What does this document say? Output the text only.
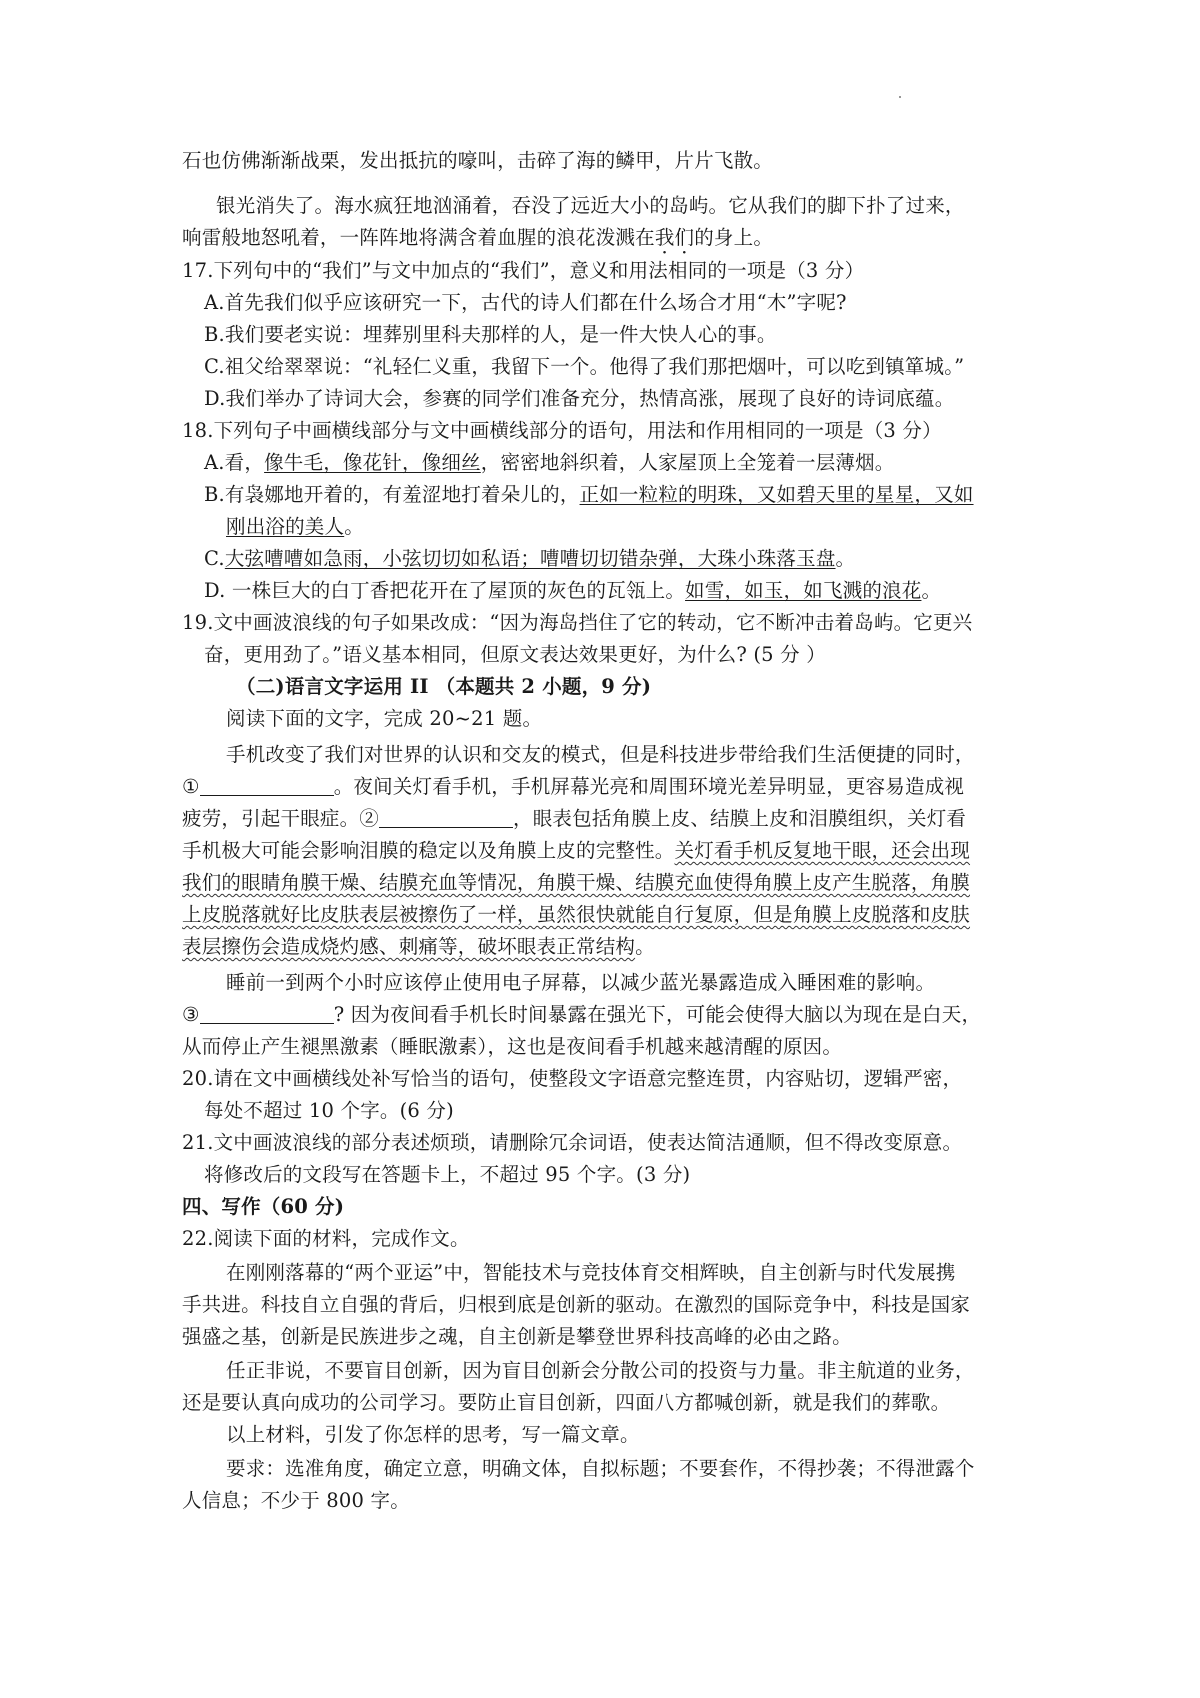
石也仿佛渐渐战栗，发出抵抗的嚎叫，击碎了海的鳞甲，片片飞散。
银光消失了。海水疯狂地汹涌着，吞没了远近大小的岛屿。它从我们的脚下扑了过来，
响雷般地怒吼着，一阵阵地将满含着血腥的浪花泼溅在我们的身上。
17.下列句中的“我们”与文中加点的“我们”，意义和用法相同的一项是（3 分）
A.首先我们似乎应该研究一下，古代的诗人们都在什么场合才用“木”字呢?
B.我们要老实说：埋葬别里科夫那样的人，是一件大快人心的事。
C.祖父给翠翠说：“礼轻仁义重，我留下一个。他得了我们那把烟叶，可以吃到镇箪城。”
D.我们举办了诗词大会，参赛的同学们准备充分，热情高涨，展现了良好的诗词底蕴。
18.下列句子中画横线部分与文中画横线部分的语句，用法和作用相同的一项是（3 分）
A.看，像牛毛，像花针，像细丝，密密地斜织着，人家屋顶上全笼着一层薄烟。
B.有袅娜地开着的，有羞涩地打着朵儿的，正如一粒粒的明珠，又如碧天里的星星，又如
刚出浴的美人。
C.大弦嘈嘈如急雨，小弦切切如私语；嘈嘈切切错杂弹，大珠小珠落玉盘。
D. 一株巨大的白丁香把花开在了屋顶的灰色的瓦瓴上。如雪，如玉，如飞溅的浪花。
19.文中画波浪线的句子如果改成：“因为海岛挡住了它的转动，它不断冲击着岛屿。它更兴
奋，更用劲了。”语义基本相同，但原文表达效果更好，为什么? (5 分 ）
（二)语言文字运用 II （本题共 2 小题，9 分)
阅读下面的文字，完成 20~21 题。
手机改变了我们对世界的认识和交友的模式，但是科技进步带给我们生活便捷的同时，
①	。夜间关灯看手机，手机屏幕光亮和周围环境光差异明显，更容易造成视
疲劳，引起干眼症。②	，眼表包括角膜上皮、结膜上皮和泪膜组织，关灯看
手机极大可能会影响泪膜的稳定以及角膜上皮的完整性。关灯看手机反复地干眼，还会出现
我们的眼睛角膜干燥、结膜充血等情况，角膜干燥、结膜充血使得角膜上皮产生脱落，角膜
上皮脱落就好比皮肤表层被擦伤了一样，虽然很快就能自行复原，但是角膜上皮脱落和皮肤
表层擦伤会造成烧灼感、刺痛等，破坏眼表正常结构。
睡前一到两个小时应该停止使用电子屏幕，以减少蓝光暴露造成入睡困难的影响。
③	? 因为夜间看手机长时间暴露在强光下，可能会使得大脑以为现在是白天，
从而停止产生褪黑激素（睡眠激素），这也是夜间看手机越来越清醒的原因。
20.请在文中画横线处补写恰当的语句，使整段文字语意完整连贯，内容贴切，逻辑严密，
每处不超过 10 个字。(6 分)
21.文中画波浪线的部分表述烦琐，请删除冗余词语，使表达简洁通顺，但不得改变原意。
将修改后的文段写在答题卡上，不超过 95 个字。(3 分)
四、写作（60 分)
22.阅读下面的材料，完成作文。
在刚刚落幕的“两个亚运”中，智能技术与竞技体育交相辉映，自主创新与时代发展携
手共进。科技自立自强的背后，归根到底是创新的驱动。在激烈的国际竞争中，科技是国家
强盛之基，创新是民族进步之魂，自主创新是攀登世界科技高峰的必由之路。
任正非说，不要盲目创新，因为盲目创新会分散公司的投资与力量。非主航道的业务，
还是要认真向成功的公司学习。要防止盲目创新，四面八方都喊创新，就是我们的葬歌。
以上材料，引发了你怎样的思考，写一篇文章。
要求：选准角度，确定立意，明确文体，自拟标题；不要套作，不得抄袭；不得泄露个
人信息；不少于 800 字。
